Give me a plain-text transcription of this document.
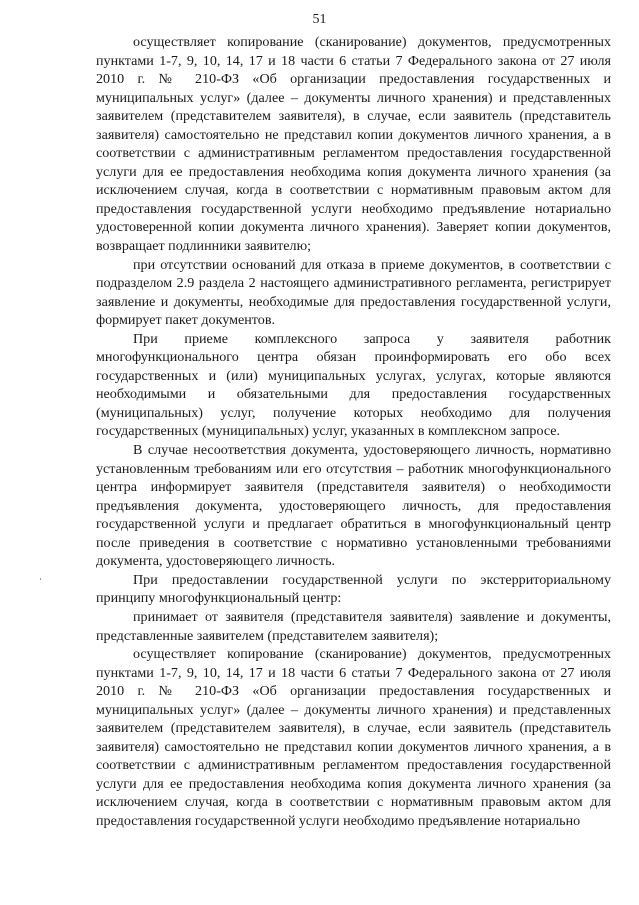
51

осуществляет копирование (сканирование) документов, предусмотренных пунктами 1-7, 9, 10, 14, 17 и 18 части 6 статьи 7 Федерального закона от 27 июля 2010 г. № 210-ФЗ «Об организации предоставления государственных и муниципальных услуг» (далее – документы личного хранения) и представленных заявителем (представителем заявителя), в случае, если заявитель (представитель заявителя) самостоятельно не представил копии документов личного хранения, а в соответствии с административным регламентом предоставления государственной услуги для ее предоставления необходима копия документа личного хранения (за исключением случая, когда в соответствии с нормативным правовым актом для предоставления государственной услуги необходимо предъявление нотариально удостоверенной копии документа личного хранения). Заверяет копии документов, возвращает подлинники заявителю;

при отсутствии оснований для отказа в приеме документов, в соответствии с подразделом 2.9 раздела 2 настоящего административного регламента, регистрирует заявление и документы, необходимые для предоставления государственной услуги, формирует пакет документов.

При приеме комплексного запроса у заявителя работник многофункционального центра обязан проинформировать его обо всех государственных и (или) муниципальных услугах, услугах, которые являются необходимыми и обязательными для предоставления государственных (муниципальных) услуг, получение которых необходимо для получения государственных (муниципальных) услуг, указанных в комплексном запросе.

В случае несоответствия документа, удостоверяющего личность, нормативно установленным требованиям или его отсутствия – работник многофункционального центра информирует заявителя (представителя заявителя) о необходимости предъявления документа, удостоверяющего личность, для предоставления государственной услуги и предлагает обратиться в многофункциональный центр после приведения в соответствие с нормативно установленными требованиями документа, удостоверяющего личность.

При предоставлении государственной услуги по экстерриториальному принципу многофункциональный центр:

принимает от заявителя (представителя заявителя) заявление и документы, представленные заявителем (представителем заявителя);

осуществляет копирование (сканирование) документов, предусмотренных пунктами 1-7, 9, 10, 14, 17 и 18 части 6 статьи 7 Федерального закона от 27 июля 2010 г. № 210-ФЗ «Об организации предоставления государственных и муниципальных услуг» (далее – документы личного хранения) и представленных заявителем (представителем заявителя), в случае, если заявитель (представитель заявителя) самостоятельно не представил копии документов личного хранения, а в соответствии с административным регламентом предоставления государственной услуги для ее предоставления необходима копия документа личного хранения (за исключением случая, когда в соответствии с нормативным правовым актом для предоставления государственной услуги необходимо предъявление нотариально
